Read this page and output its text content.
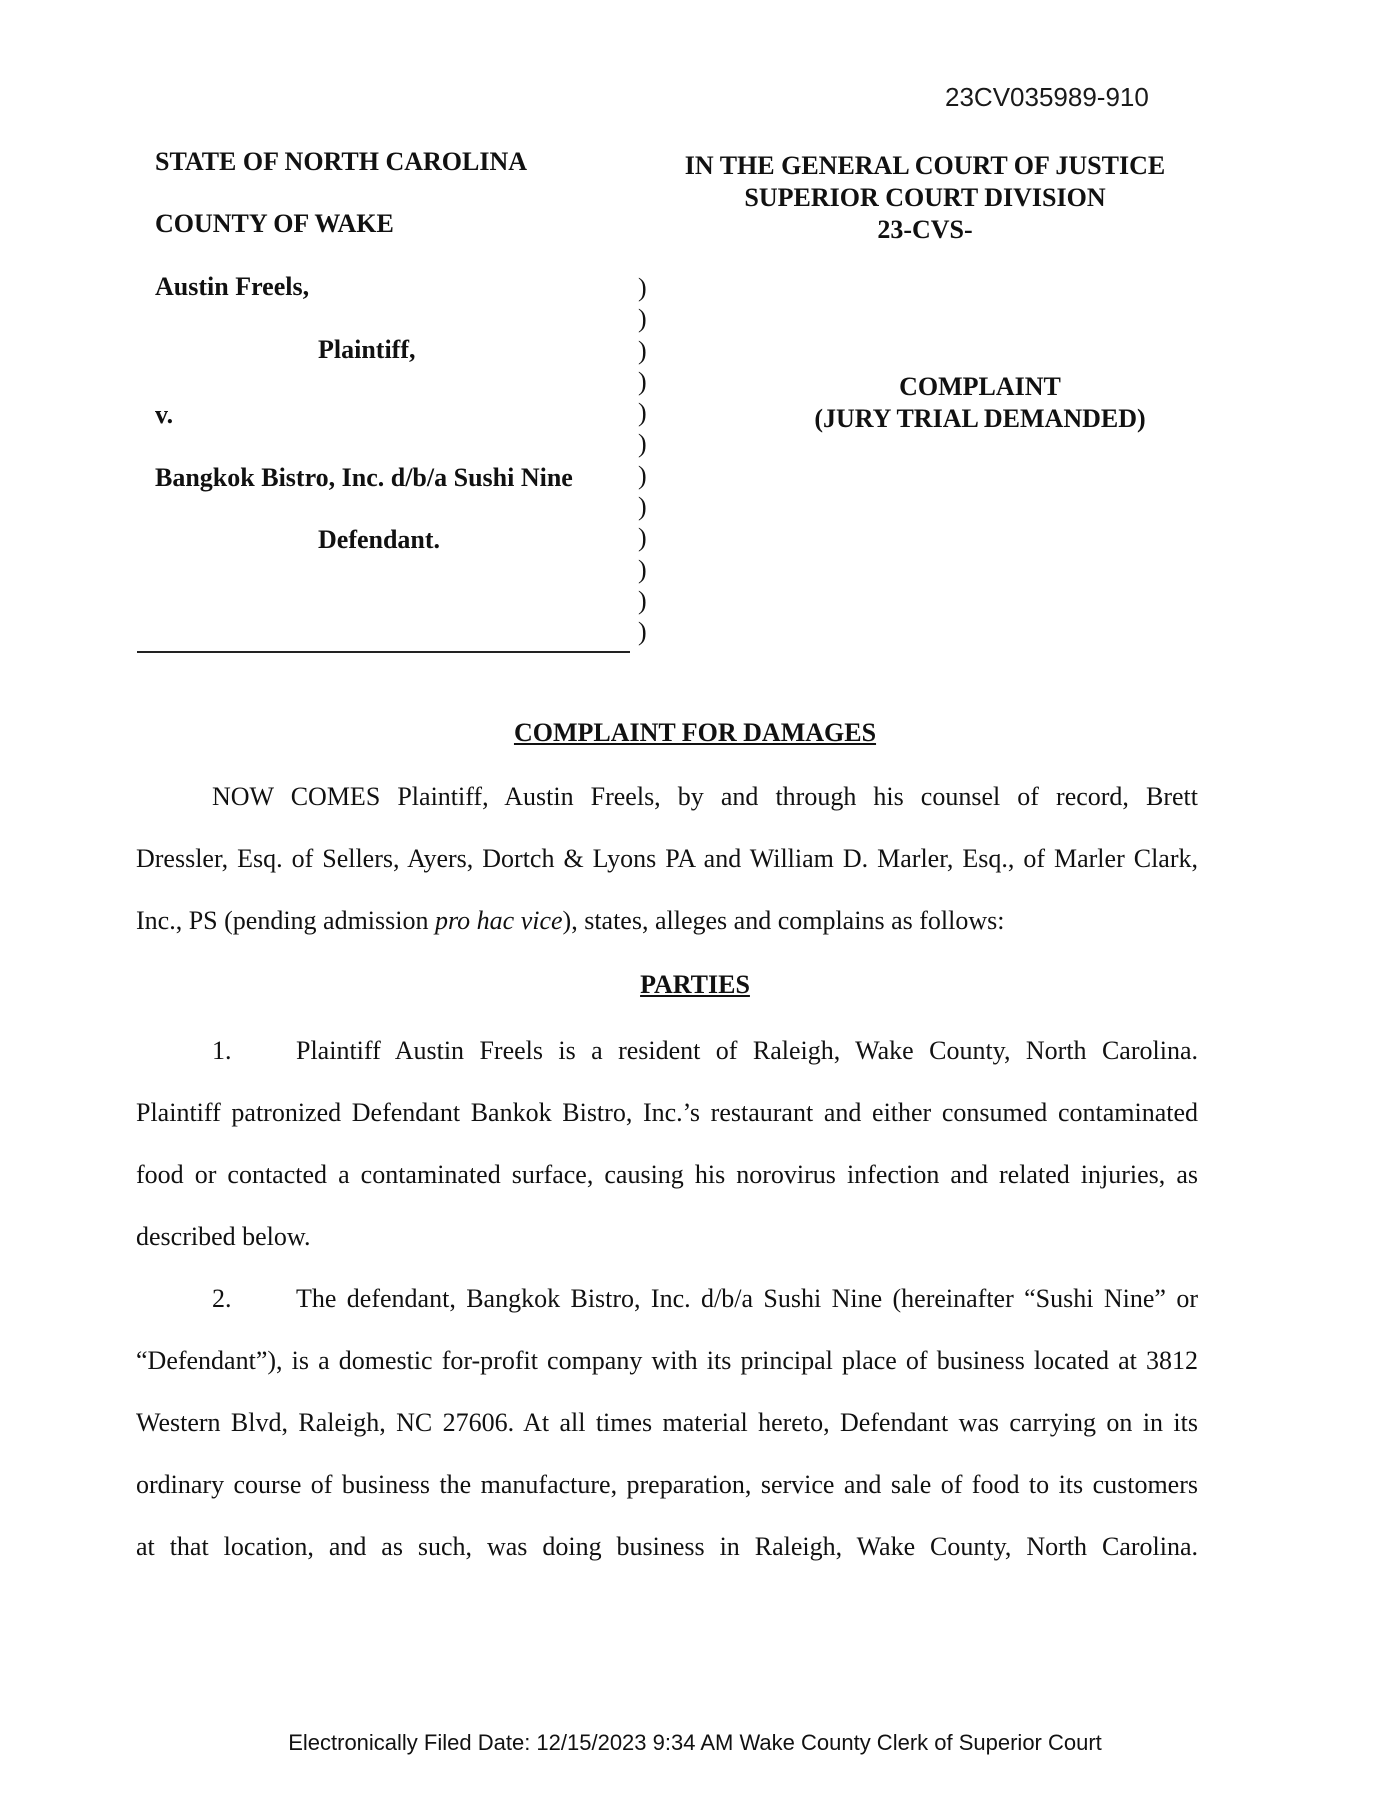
23CV035989-910
STATE OF NORTH CAROLINA
COUNTY OF WAKE
IN THE GENERAL COURT OF JUSTICE
SUPERIOR COURT DIVISION
23-CVS-
Austin Freels,
Plaintiff,
v.
Bangkok Bistro, Inc. d/b/a Sushi Nine
Defendant.
)
)
)
)
)
)
)
)
)
)
)
)
COMPLAINT
(JURY TRIAL DEMANDED)
COMPLAINT FOR DAMAGES
NOW COMES Plaintiff, Austin Freels, by and through his counsel of record, Brett
Dressler, Esq. of Sellers, Ayers, Dortch & Lyons PA and William D. Marler, Esq., of Marler Clark,
Inc., PS (pending admission pro hac vice), states, alleges and complains as follows:
PARTIES
1. Plaintiff Austin Freels is a resident of Raleigh, Wake County, North Carolina.
Plaintiff patronized Defendant Bankok Bistro, Inc.’s restaurant and either consumed contaminated
food or contacted a contaminated surface, causing his norovirus infection and related injuries, as
described below.
2. The defendant, Bangkok Bistro, Inc. d/b/a Sushi Nine (hereinafter “Sushi Nine” or
“Defendant”), is a domestic for-profit company with its principal place of business located at 3812
Western Blvd, Raleigh, NC 27606. At all times material hereto, Defendant was carrying on in its
ordinary course of business the manufacture, preparation, service and sale of food to its customers
at that location, and as such, was doing business in Raleigh, Wake County, North Carolina.
Electronically Filed Date: 12/15/2023 9:34 AM Wake County Clerk of Superior Court
